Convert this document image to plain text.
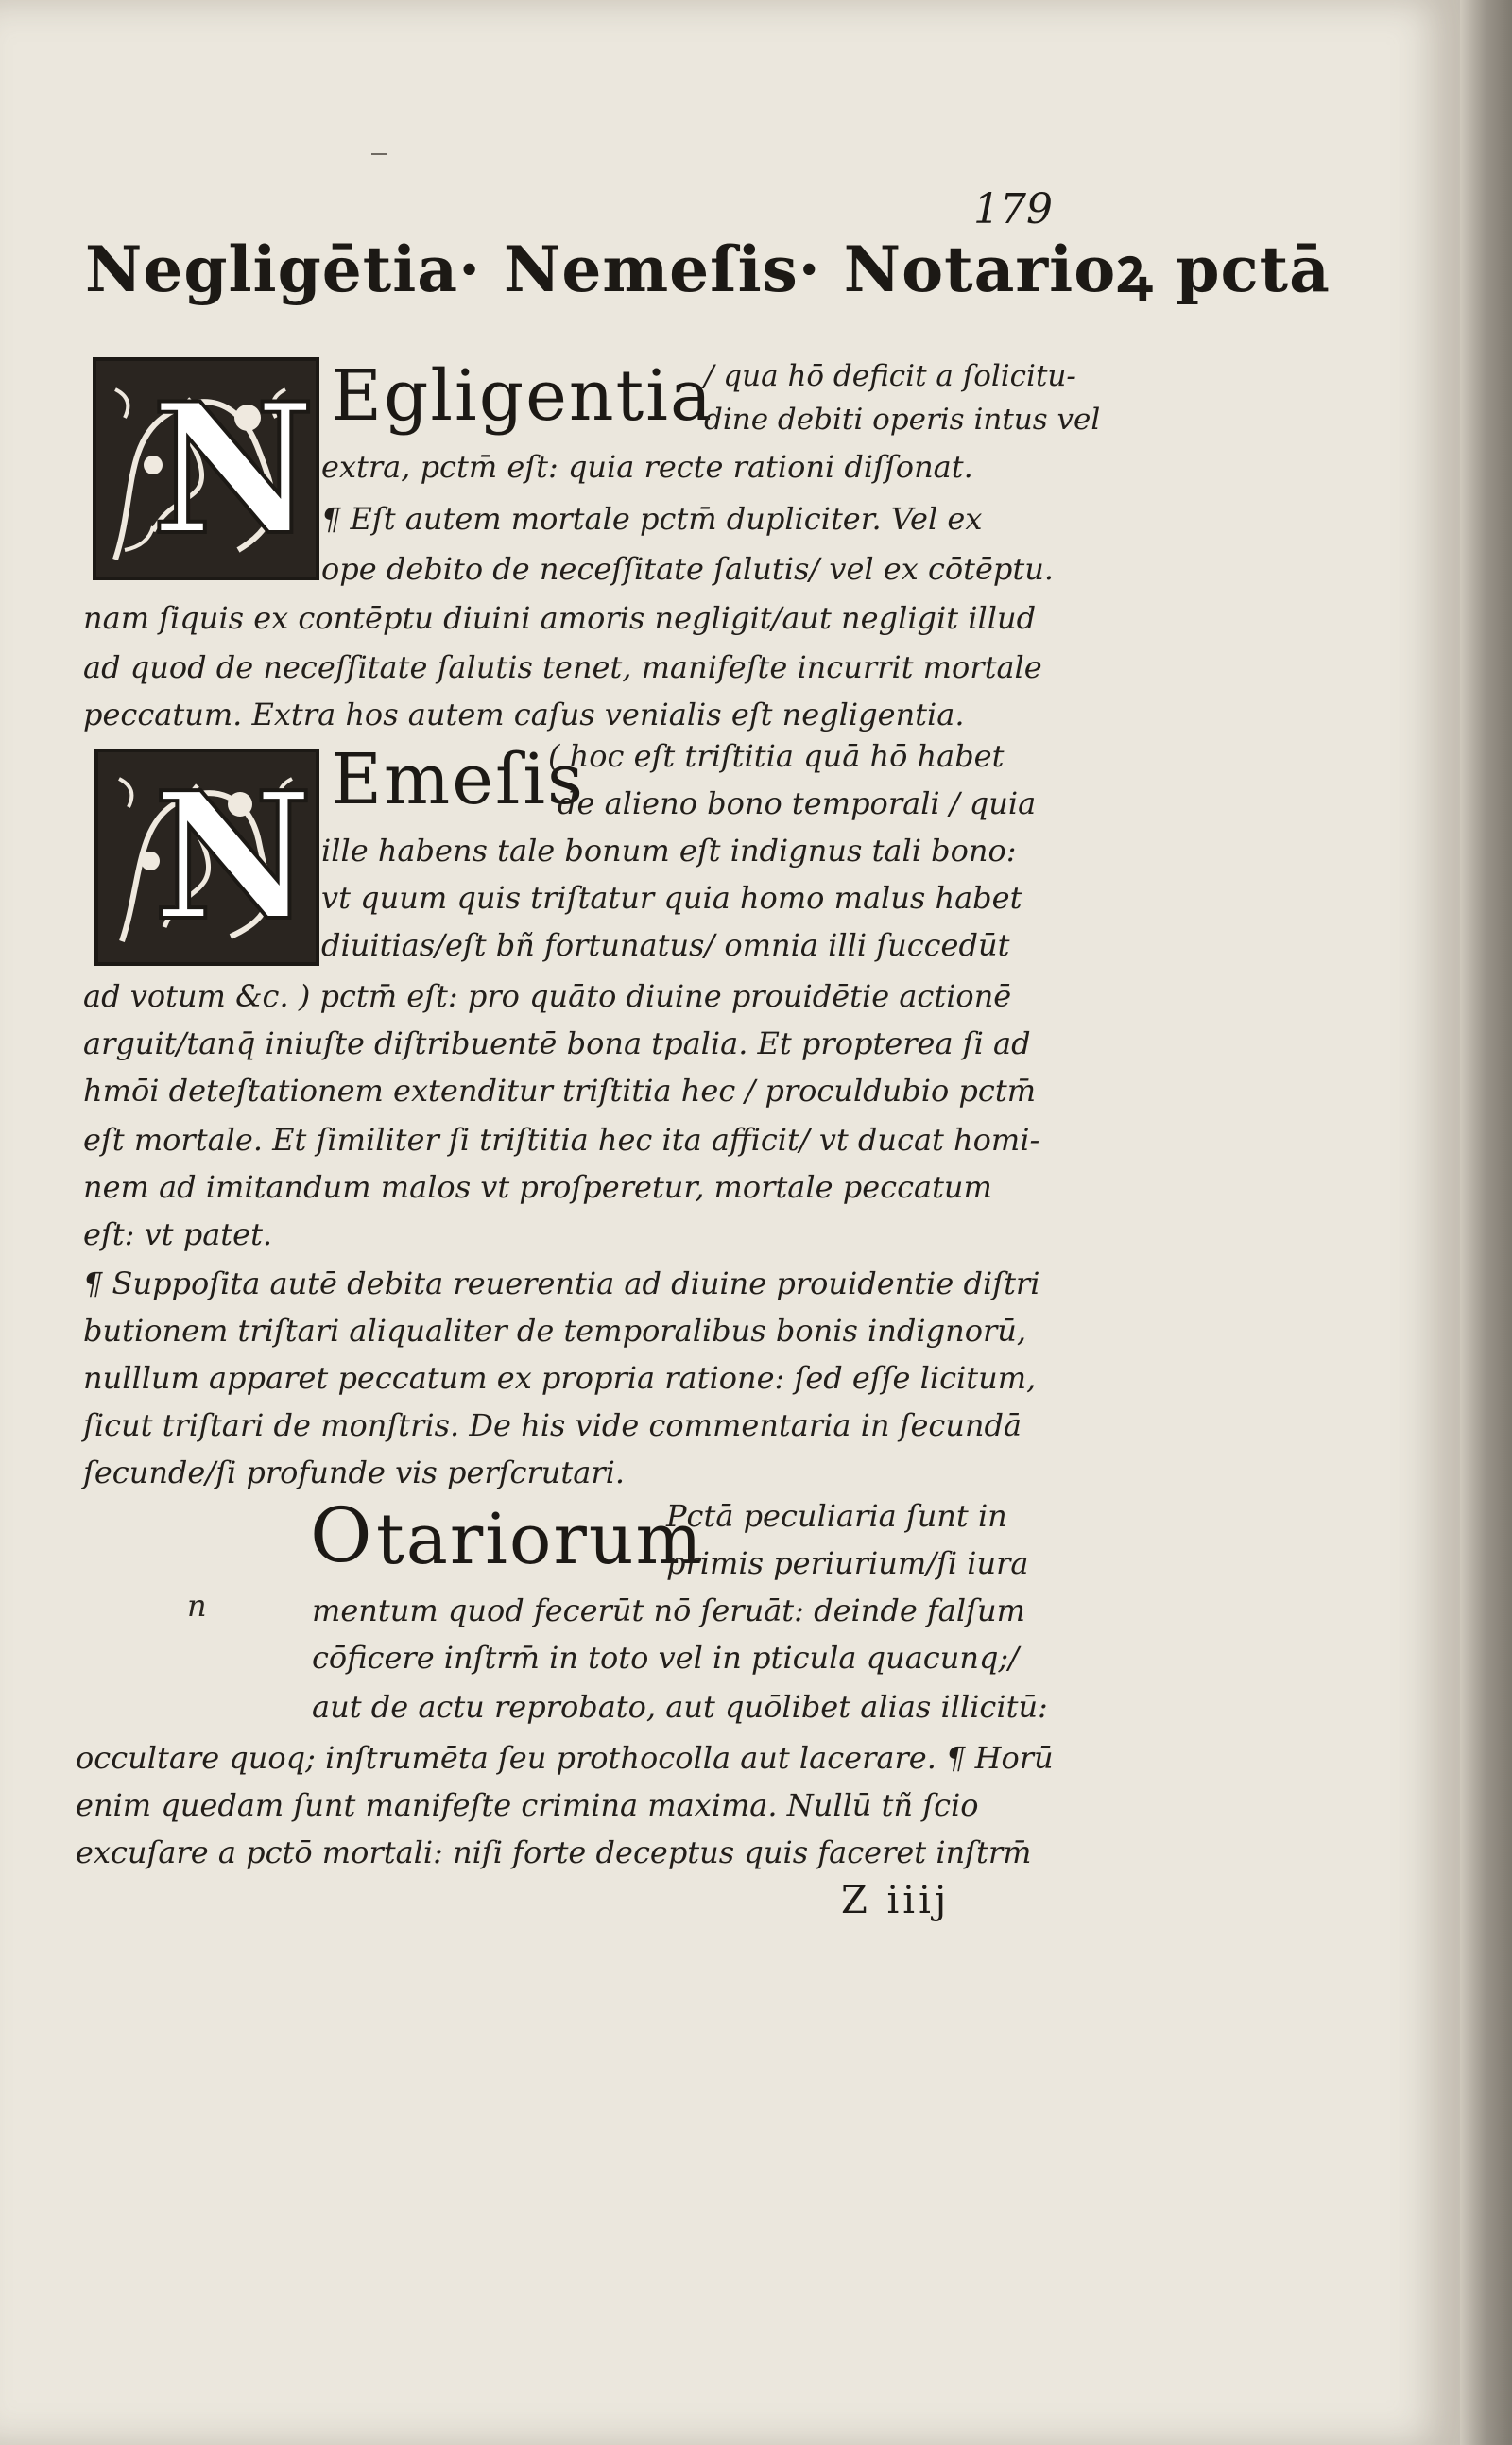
179
Negligētia· Nemeſis· Notarioꝝ pctā
N Egligentia
/ qua hō deficit a ſolicitu-
dine debiti operis intus vel
extra, pctm̄ eſt: quia recte rationi diſſonat.
¶ Eſt autem mortale pctm̄ dupliciter. Vel ex
ope debito de neceſſitate ſalutis/ vel ex cōtēptu.
nam ſiquis ex contēptu diuini amoris negligit/aut negligit illud
ad quod de neceſſitate ſalutis tenet, manifeſte incurrit mortale
peccatum. Extra hos autem caſus venialis eſt negligentia.
N Emeſis
( hoc eſt triſtitia quā hō habet
de alieno bono temporali / quia
ille habens tale bonum eſt indignus tali bono:
vt quum quis triſtatur quia homo malus habet
diuitias/eſt bñ fortunatus/ omnia illi ſuccedūt
ad votum &c. ) pctm̄ eſt: pro quāto diuine prouidētie actionē
arguit/tanq̄ iniuſte diſtribuentē bona tpalia. Et propterea ſi ad
hmōi deteſtationem extenditur triſtitia hec / proculdubio pctm̄
eſt mortale. Et ſimiliter ſi triſtitia hec ita afficit/ vt ducat homi-
nem ad imitandum malos vt proſperetur, mortale peccatum
eſt: vt patet.
¶ Suppoſita autē debita reuerentia ad diuine prouidentie diſtri
butionem triſtari aliqualiter de temporalibus bonis indignorū,
nulllum apparet peccatum ex propria ratione: ſed eſſe licitum,
ſicut triſtari de monſtris. De his vide commentaria in ſecundā
ſecunde/ſi profunde vis perſcrutari.
O tariorum
n
Pctā peculiaria ſunt in
primis periurium/ſi iura
mentum quod fecerūt nō ſeruāt: deinde falſum
cōficere inſtrm̄ in toto vel in pticula quacunq;/
aut de actu reprobato, aut quōlibet alias illicitū:
occultare quoq; inſtrumēta ſeu prothocolla aut lacerare. ¶ Horū
enim quedam ſunt manifeſte crimina maxima. Nullū tñ ſcio
excuſare a pctō mortali: niſi forte deceptus quis faceret inſtrm̄
Z iiij
